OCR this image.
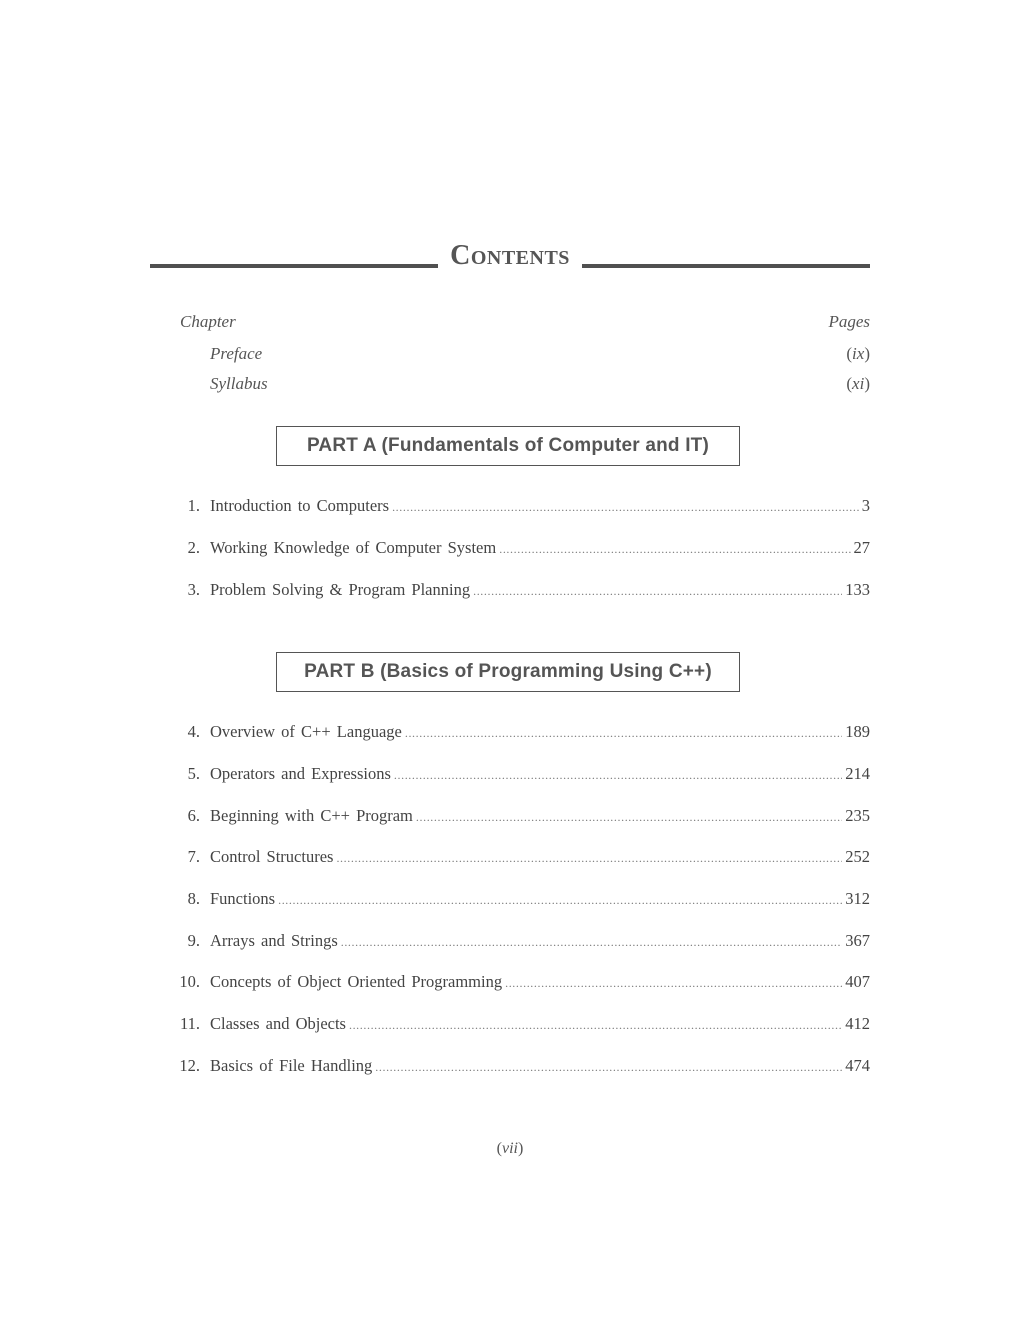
Contents
Chapter	Pages
Preface	(ix)
Syllabus	(xi)
PART A (Fundamentals of Computer and IT)
1. Introduction to Computers .....	3
2. Working Knowledge of Computer System .....	27
3. Problem Solving & Program Planning .....	133
PART B (Basics of Programming Using C++)
4. Overview of C++ Language .....	189
5. Operators and Expressions .....	214
6. Beginning with C++ Program .....	235
7. Control Structures .....	252
8. Functions .....	312
9. Arrays and Strings .....	367
10. Concepts of Object Oriented Programming .....	407
11. Classes and Objects .....	412
12. Basics of File Handling .....	474
(vii)
